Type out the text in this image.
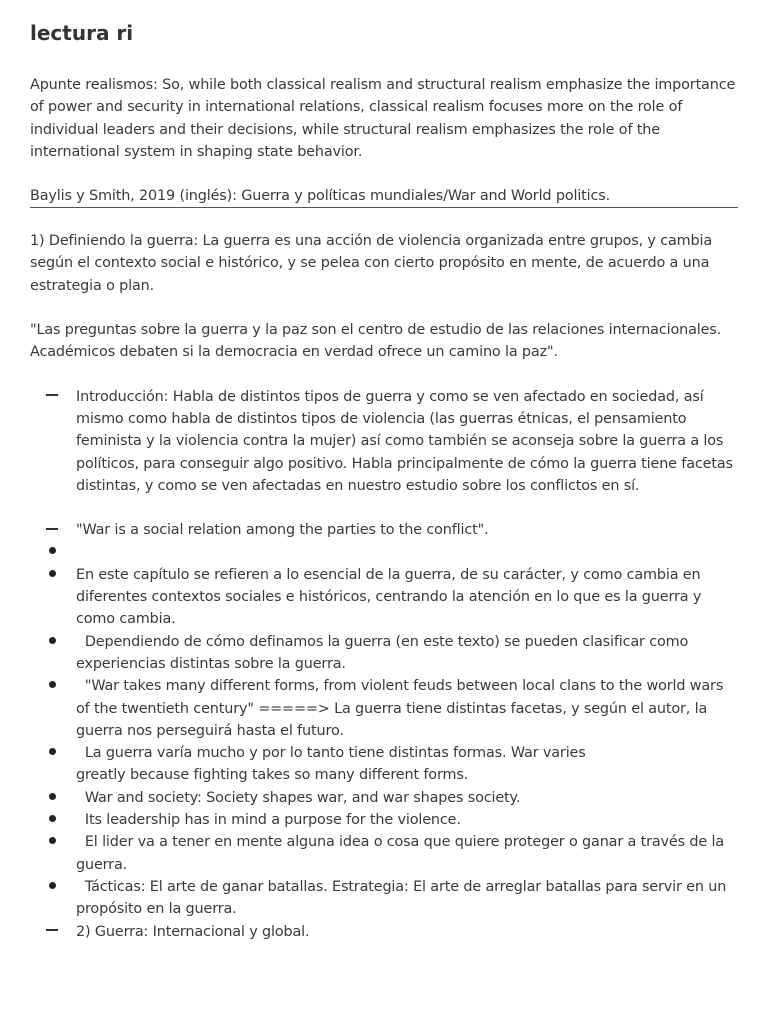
lectura ri

Apunte realismos: So, while both classical realism and structural realism emphasize the importance of power and security in international relations, classical realism focuses more on the role of individual leaders and their decisions, while structural realism emphasizes the role of the international system in shaping state behavior.

Baylis y Smith, 2019 (inglés): Guerra y políticas mundiales/War and World politics.

1) Definiendo la guerra: La guerra es una acción de violencia organizada entre grupos, y cambia según el contexto social e histórico, y se pelea con cierto propósito en mente, de acuerdo a una estrategia o plan.

"Las preguntas sobre la guerra y la paz son el centro de estudio de las relaciones internacionales. Académicos debaten si la democracia en verdad ofrece un camino la paz".

Introducción: Habla de distintos tipos de guerra y como se ven afectado en sociedad, así mismo como habla de distintos tipos de violencia (las guerras étnicas, el pensamiento feminista y la violencia contra la mujer) así como también se aconseja sobre la guerra a los políticos, para conseguir algo positivo. Habla principalmente de cómo la guerra tiene facetas distintas, y como se ven afectadas en nuestro estudio sobre los conflictos en sí.
"War is a social relation among the parties to the conflict".
En este capítulo se refieren a lo esencial de la guerra, de su carácter, y como cambia en diferentes contextos sociales e históricos, centrando la atención en lo que es la guerra y como cambia.
Dependiendo de cómo definamos la guerra (en este texto) se pueden clasificar como experiencias distintas sobre la guerra.
"War takes many different forms, from violent feuds between local clans to the world wars of the twentieth century" =====> La guerra tiene distintas facetas, y según el autor, la guerra nos perseguirá hasta el futuro.
La guerra varía mucho y por lo tanto tiene distintas formas. War varies
greatly because fighting takes so many different forms.
War and society: Society shapes war, and war shapes society.
Its leadership has in mind a purpose for the violence.
El lider va a tener en mente alguna idea o cosa que quiere proteger o ganar a través de la guerra.
Tácticas: El arte de ganar batallas. Estrategia: El arte de arreglar batallas para servir en un propósito en la guerra.
2) Guerra: Internacional y global.
